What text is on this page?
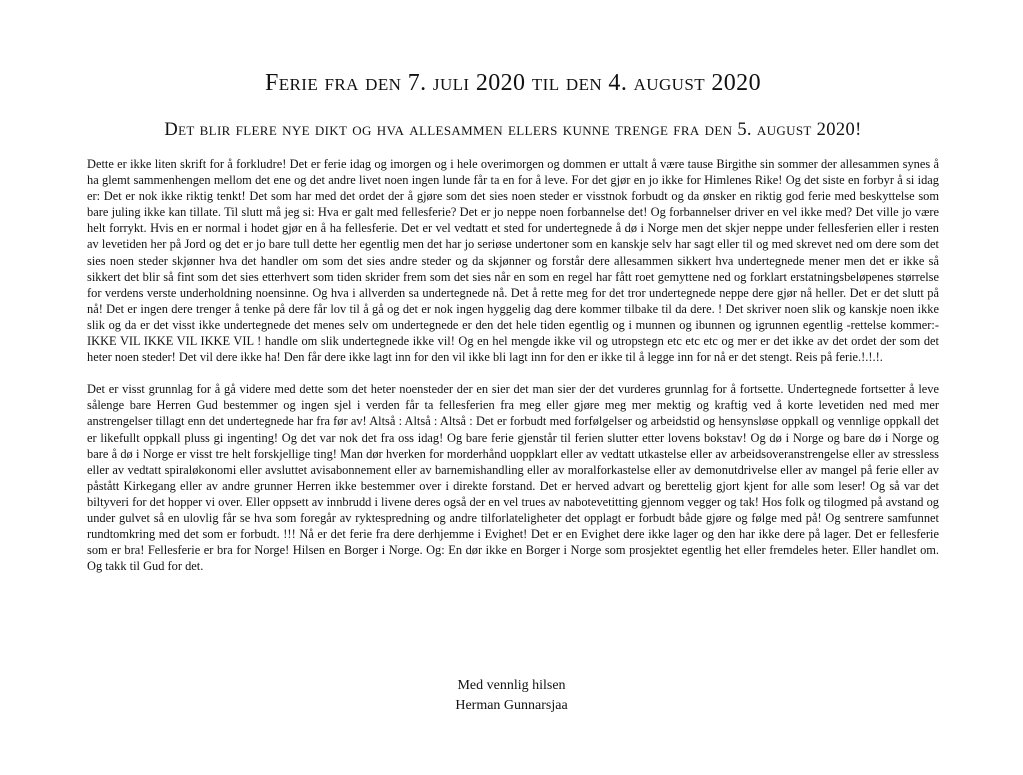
Ferie fra den 7. juli 2020 til den 4. august 2020
Det blir flere nye dikt og hva allesammen ellers kunne trenge fra den 5. august 2020!

Dette er ikke liten skrift for å forkludre! Det er ferie idag og imorgen og i hele overimorgen og dommen er uttalt å være tause Birgithe sin sommer der allesammen synes å ha glemt sammenhengen mellom det ene og det andre livet noen ingen lunde får ta en for å leve. For det gjør en jo ikke for Himlenes Rike! Og det siste en forbyr å si idag er: Det er nok ikke riktig tenkt! Det som har med det ordet der å gjøre som det sies noen steder er visstnok forbudt og da ønsker en riktig god ferie med beskyttelse som bare juling ikke kan tillate. Til slutt må jeg si: Hva er galt med fellesferie? Det er jo neppe noen forbannelse det! Og forbannelser driver en vel ikke med? Det ville jo være helt forrykt. Hvis en er normal i hodet gjør en å ha fellesferie. Det er vel vedtatt et sted for undertegnede å dø i Norge men det skjer neppe under fellesferien eller i resten av levetiden her på Jord og det er jo bare tull dette her egentlig men det har jo seriøse undertoner som en kanskje selv har sagt eller til og med skrevet ned om dere som det sies noen steder skjønner hva det handler om som det sies andre steder og da skjønner og forstår dere allesammen sikkert hva undertegnede mener men det er ikke så sikkert det blir så fint som det sies etterhvert som tiden skrider frem som det sies når en som en regel har fått roet gemyttene ned og forklart erstatningsbeløpenes størrelse for verdens verste underholdning noensinne. Og hva i allverden sa undertegnede nå. Det å rette meg for det tror undertegnede neppe dere gjør nå heller. Det er det slutt på nå! Det er ingen dere trenger å tenke på dere får lov til å gå og det er nok ingen hyggelig dag dere kommer tilbake til da dere. ! Det skriver noen slik og kanskje noen ikke slik og da er det visst ikke undertegnede det menes selv om undertegnede er den det hele tiden egentlig og i munnen og ibunnen og igrunnen egentlig -rettelse kommer:- IKKE VIL IKKE VIL IKKE VIL ! handle om slik undertegnede ikke vil! Og en hel mengde ikke vil og utropstegn etc etc etc og mer er det ikke av det ordet der som det heter noen steder! Det vil dere ikke ha! Den får dere ikke lagt inn for den vil ikke bli lagt inn for den er ikke til å legge inn for nå er det stengt. Reis på ferie.!.!.!.

Det er visst grunnlag for å gå videre med dette som det heter noensteder der en sier det man sier der det vurderes grunnlag for å fortsette. Undertegnede fortsetter å leve sålenge bare Herren Gud bestemmer og ingen sjel i verden får ta fellesferien fra meg eller gjøre meg mer mektig og kraftig ved å korte levetiden ned med mer anstrengelser tillagt enn det undertegnede har fra før av! Altså : Altså : Altså : Det er forbudt med forfølgelser og arbeidstid og hensynsløse oppkall og vennlige oppkall det er likefullt oppkall pluss gi ingenting! Og det var nok det fra oss idag! Og bare ferie gjenstår til ferien slutter etter lovens bokstav! Og dø i Norge og bare dø i Norge og bare å dø i Norge er visst tre helt forskjellige ting! Man dør hverken for morderhånd uoppklart eller av vedtatt utkastelse eller av arbeidsoveranstrengelse eller av stressless eller av vedtatt spiraløkonomi eller avsluttet avisabonnement eller av barnemishandling eller av moralforkastelse eller av demonutdrivelse eller av mangel på ferie eller av påstått Kirkegang eller av andre grunner Herren ikke bestemmer over i direkte forstand. Det er herved advart og berettelig gjort kjent for alle som leser! Og så var det biltyveri for det hopper vi over. Eller oppsett av innbrudd i livene deres også der en vel trues av nabotevetitting gjennom vegger og tak! Hos folk og tilogmed på avstand og under gulvet så en ulovlig får se hva som foregår av ryktespredning og andre tilforlateligheter det opplagt er forbudt både gjøre og følge med på! Og sentrere samfunnet rundtomkring med det som er forbudt. !!! Nå er det ferie fra dere derhjemme i Evighet! Det er en Evighet dere ikke lager og den har ikke dere på lager. Det er fellesferie som er bra! Fellesferie er bra for Norge! Hilsen en Borger i Norge. Og: En dør ikke en Borger i Norge som prosjektet egentlig het eller fremdeles heter. Eller handlet om. Og takk til Gud for det.

Med vennlig hilsen
Herman Gunnarsjaa
